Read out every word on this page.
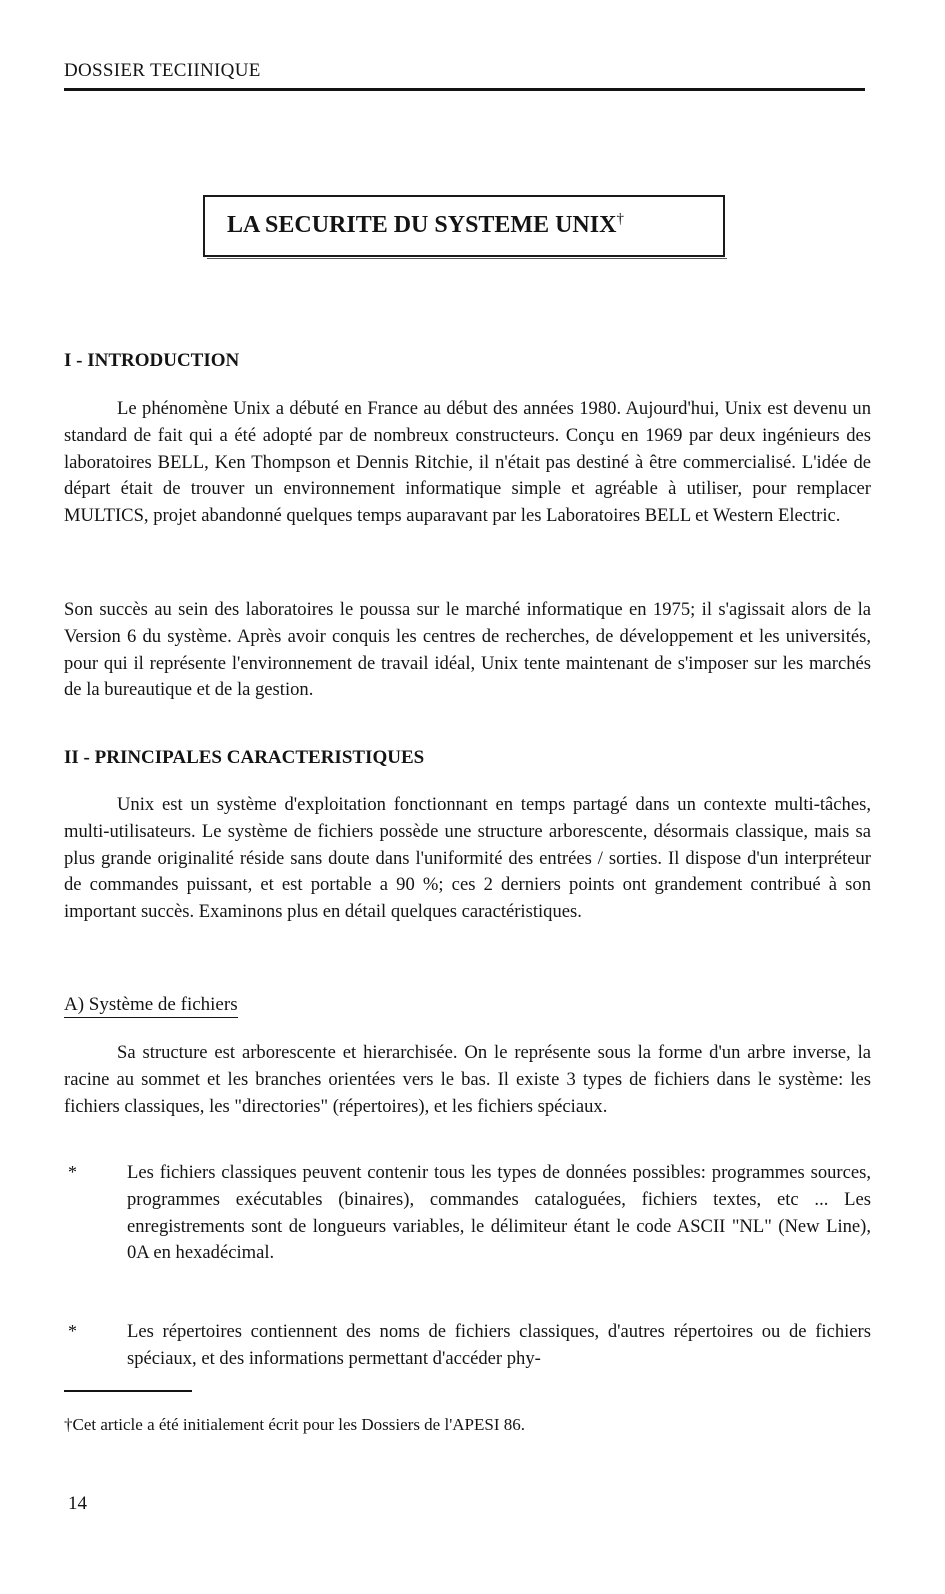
DOSSIER TECIINIQUE
LA SECURITE DU SYSTEME UNIX†
I - INTRODUCTION

Le phénomène Unix a débuté en France au début des années 1980. Aujourd'hui, Unix est devenu un standard de fait qui a été adopté par de nombreux constructeurs. Conçu en 1969 par deux ingénieurs des laboratoires BELL, Ken Thompson et Dennis Ritchie, il n'était pas destiné à être commercialisé. L'idée de départ était de trouver un environnement informatique simple et agréable à utiliser, pour remplacer MULTICS, projet abandonné quelques temps auparavant par les Laboratoires BELL et Western Electric.

Son succès au sein des laboratoires le poussa sur le marché informatique en 1975; il s'agissait alors de la Version 6 du système. Après avoir conquis les centres de recherches, de développement et les universités, pour qui il représente l'environnement de travail idéal, Unix tente maintenant de s'imposer sur les marchés de la bureautique et de la gestion.

II - PRINCIPALES CARACTERISTIQUES

Unix est un système d'exploitation fonctionnant en temps partagé dans un contexte multi-tâches, multi-utilisateurs. Le système de fichiers possède une structure arborescente, désormais classique, mais sa plus grande originalité réside sans doute dans l'uniformité des entrées / sorties. Il dispose d'un interpréteur de commandes puissant, et est portable a 90 %; ces 2 derniers points ont grandement contribué à son important succès. Examinons plus en détail quelques caractéristiques.

A) Système de fichiers

Sa structure est arborescente et hierarchisée. On le représente sous la forme d'un arbre inverse, la racine au sommet et les branches orientées vers le bas. Il existe 3 types de fichiers dans le système: les fichiers classiques, les "directories" (répertoires), et les fichiers spéciaux.

*	Les fichiers classiques peuvent contenir tous les types de données possibles: programmes sources, programmes exécutables (binaires), commandes cataloguées, fichiers textes, etc ... Les enregistrements sont de longueurs variables, le délimiteur étant le code ASCII "NL" (New Line), 0A en hexadécimal.

*	Les répertoires contiennent des noms de fichiers classiques, d'autres répertoires ou de fichiers spéciaux, et des informations permettant d'accéder phy-

†Cet article a été initialement écrit pour les Dossiers de l'APESI 86.
14
